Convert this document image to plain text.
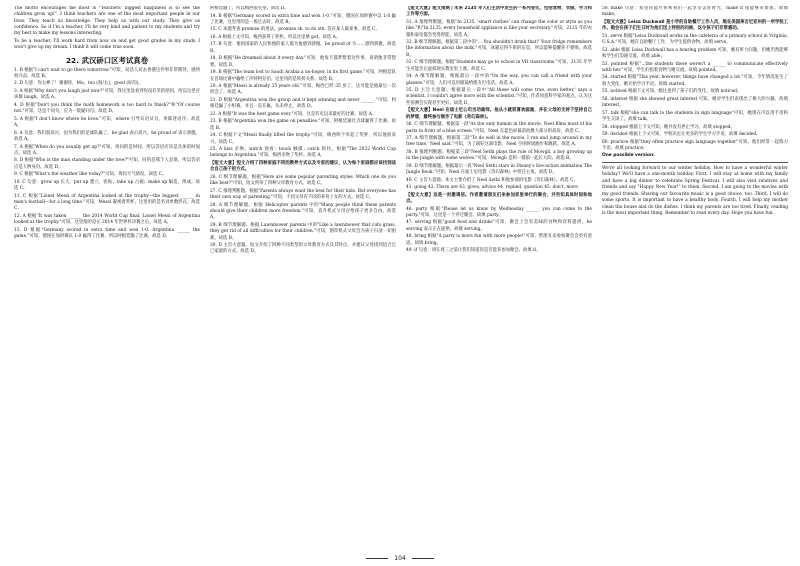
The motto encourages me most is "Teachers' biggest happiness is to see the children grow up!". I think teachers are one of the most important people in our lives. They teach us knowledge. They help us with our study. They give us confidence. So if I'm a teacher, I'll be very kind and patient to my students and try my best to make my lessons interesting.

To be a teacher, I'll work hard from now on and get good grades in my study. I won't give up my dream. I think it will come true soon.

22. 武汉硚口区考试真卷

1. B 根据"I can't wait to go there tomorrow."可知，说话人对去香港这件事非常期待，感到很兴奋。故选 B。

2. D 句意：你太棒了！谢谢你，Mo。too (很/太)，good (好的)。

3. A 根据"Why don't you laugh just now?"可知，我这里没看到你没有笑的原因，所以这里应该填 laugh。故选 A。

4. D 根据"Don't you think the math homework is too hard to finish?"和"Of course not."可知，这是个问句，应为一般疑问句。故选 D。

5. A 根据"I don't know where he lives."可知，where 引导宾语从句，用陈述语序。故选 A。

6. A 句意：我们很高兴，因为我们的足球队赢了。be glad 表示高兴，be proud of 表示骄傲。故选 A。

7. A 根据"When do you usually get up?"可知，询问的是时间，所以答语应该是具体的时间点。故选 A。

8. D 根据"Who is the man standing under the tree?"可知，问的是那个人是谁，所以答语应是人物身份。故选 D。

9. C 根据"What's the weather like today?"可知，询问天气情况。故选 C。

10. C 句意：grow up 长大；put up 建立，张贴；take up 占据；make up 编造，组成。故选 C。

11. C 根据"Lionel Messi of Argentina looked at the trophy—the biggest ______ in men's football—for a long time."可知，Messi 凝视着奖杯，这里用的是名词单数形式。故选 C。

12. A 根据"It was taken ______ the 2014 World Cup final. Lionel Messi of Argentina looked at the trophy."可知，这里指的是在 2014 年世界杯决赛之后。故选 A。

13. D 根据"Germany scored in extra time and won 1-0. Argentina ______ the game."可知，德国在加时赛以 1:0 赢得了比赛，所以阿根廷输了比赛。故选 D。

阿根廷输了，所以梅西很失望。故选 D。

14. B 根据"Germany scored in extra time and won 1-0."可知，德国在加时赛中以 1:0 赢了比赛，这里用的是一般过去时。故选 B。

15. C 本题考查 promise 的用法。promise sb. to do sth. 答应某人做某事。故选 C。

16. A 根据上文可知，梅西获得了奖杯。所以这里填 got。故选 A。

17. B 句意：他的国家的人民和他的家人都为他感到骄傲。be proud of 为……感到骄傲。故选 B。

18. D 根据"He dreamed about it every day."可知，他每天都梦想着这件事，说明他非常想要。故选 D。

19. B 根据"The team lost to Saudi Arabia a no-hoper, in its first game."可知，阿根廷队在首场比赛中输给了沙特阿拉伯，这里用的是转折关系。故选 B。

20. A 根据"Messi is already 35 years old."可知，梅西已经 35 岁了，这可能是他最后一次机会了。故选 A。

21. D 根据"Argentina won the group and it kept winning and never ______."可知，阿根廷赢了小组赛，并且一直在赢，从未停止。故选 D。

22. A 根据"It was the best game ever."可知，这是有史以来最好的比赛。故选 A。

23. B 根据"Argentina won the game on penalties."可知，阿根廷通过点球赢得了比赛。故选 B。

24. C 根据下文"Messi finally lifted the trophy."可知，梅西终于举起了奖杯，所以他很高兴。故选 C。

25. A kiss 亲吻；watch 观看；touch 触摸；catch 抓住。根据"The 2022 World Cup belongs to Argentina."可知，梅西亲吻了奖杯。故选 A。

【短文大意】短文介绍了四种家庭不同的教养方式以及专家的建议，认为每个家庭都应该找到适合自己孩子的方式。

26. C 细节理解题。根据"Here are some popular parenting styles. Which one do you like best?"可知，短文列举了四种父母教育方式。故选 C。

27. C 推理判断题。根据"Parents always want the best for their kids. But everyone has their own way of parenting."可知，不同父母有不同的养育子女的方式。故选 C。

28. A 细节理解题。根据 Helicopter parents 中的"Many people think these parents should give their children more freedom."可知，直升机式父母应给孩子更多自由。故选 A。

29. B 细节理解题。根据 Lawnmower parents 中的"Like a lawnmower that cuts grass, they get rid of all difficulties for their children."可知，割草机式父母会为孩子扫清一切困难。故选 B。

30. D 主旨大意题。短文介绍了四种不同类型的父母教育方式及其特点，并建议父母找到适合自己家庭的方式。故选 D。

【短文大意】短文预测了未来 2135 年人们生活中发生的一系列变化，包括食物、衣服、学习和工作等方面。

31. A 推理判断题。根据"In 2135, 'smart clothes' can change the color or style as you like."和"In 2135, every household appliance is like your secretary."可知，2135 年的衣服和家电都会变得智能。故选 A。

32. B 细节理解题。根据第三段中的"... You shouldn't drink that!' Your fridge remembers the information about the milk."可知，冰箱记得牛奶的信息，所以能够提醒你不要喝。故选 B。

33. C 细节理解题。根据"Students may go to school in VR classrooms."可知，2135 年学生可能会在虚拟现实教室里上课。故选 C。

34. A 细节理解题。根据最后一段中的"On the way, you can call a friend with your glasses."可知，人们可以用眼镜给朋友打电话。故选 A。

35. D 主旨大意题。根据最后一段中"All these will come true, even better,' says a scientist. I couldn't agree more with the scientist."可知，作者同意科学家的观点，认为这些预测会实现甚至更好。故选 D。

【短文大意】Neel 在迪士尼公司当动画师。他从小就很喜欢画画，并在父母的支持下坚持自己的梦想，最终参与制作了电影《奇幻森林》。

36. C 细节理解题。根据第一段"As the only human in the movie, Neel films most of his parts in front of a blue screen."可知，Neel 在蓝色屏幕前拍摄大部分的戏份。故选 C。

37. A 细节理解题。根据第二段"To do well in the movie, I run and jump around in my free time,' Neel said."可知，为了演好这部电影，Neel 空闲时间跑步和跳跃。故选 A。

38. B 推理判断题。根据第三段"Neel Sethi plays the role of Mowgli, a boy growing up in the jungle with some wolves."可知，Mowgli 是和一群狼一起长大的。故选 B。

39. D 细节理解题。根据最后一段"Neel Sethi stars in Disney's live-action animation The Jungle Book."可知，Neel 在迪士尼电影《奇幻森林》中担任主角。故选 D。

40. C 主旨大意题。本文主要介绍了 Neel Sethi 和他参演的电影《奇幻森林》。故选 C。

41. going 42. There are 43. gives, advice 44. replied, question 45. don't, more

【短文大意】这是一封邀请信。作者邀请朋友们来参加家里举行的聚会，并告知具体时间和地点。

46. party 根据"Please let us know by Wednesday ______ you can come to the party."可知，这里是一个乔迁聚会。故填 party。

47. serving 根据"good food and drinks"可知，聚会上会有美味的食物和饮料提供。be serving 表示正在提供。故填 serving。

48. bring 根据"A party is more fun with more people!"可知，带朋友来参加聚会会更有意思。故填 bring。

49. if 句意：请在周三之前让我们知道你是否能来参加聚会。故填 if。

50. make 句意：希望你能尽快和我们一起享受美好时光，make it 指能够来参加。故填 make。

【短文大意】Leisa Duckwall 是小学的自助餐厅工作人员，她在美国弗吉尼亚州的一所学校工作。她会在孩子们生日时为他们送上特别的问候，这令孩子们非常感动。

51. serve 根据"Leisa Duckwall works in the cafeteria of a primary school in Virginia, U.S.A."可知，她在自助餐厅工作，为学生提供食物。故填 serve。

52. able 根据 Leisa Duckwall has a hearing problem 可知，她有听力问题，但她仍然能够和学生们沟通交流。故填 able。

53. pointed 根据"...the students there weren't a ______ to communicate effectively with her."可知，学生们指着食物与她交流。故填 pointed。

54. started 根据"This year, however, things have changed a lot."可知，今年情况发生了很大变化，她开始学习手语。故填 started。

55. noticed 根据下文可知，她注意到了孩子们的变化。故填 noticed。

56. interest 根据 she showed great interest 可知，她对学生们表现出了极大的兴趣。故填 interest。

57. talk 根据"she can talk to the students in sign language"可知，她现在可以用手语和学生交谈了。故填 talk。

58. stopped 根据上下文可知，她并没有停止学习。故填 stopped。

59. decided 根据上下文可知，学校决定让更多的学生学习手语。故填 decided。

60. practice 根据"they often practice sign language together"可知，他们经常一起练习手语。故填 practice。

One possible version:

We're all looking forward to our winter holiday. How to have a wonderful winter holiday? We'll have a one-month holiday. First, I will stay at home with my family and have a big dinner to celebrate Spring Festival. I will also visit relatives and friends and say "Happy New Year!" to them. Second, I am going to the movies with my good friends. Sharing our favourite music is a good choice, too. Third, I will do some sports. It is important to have a healthy body. Fourth, I will help my mother clean the house and do the dishes. I think my parents are too tired. Finally, reading is the most important thing. Remember to read every day. Hope you have fun.

104
